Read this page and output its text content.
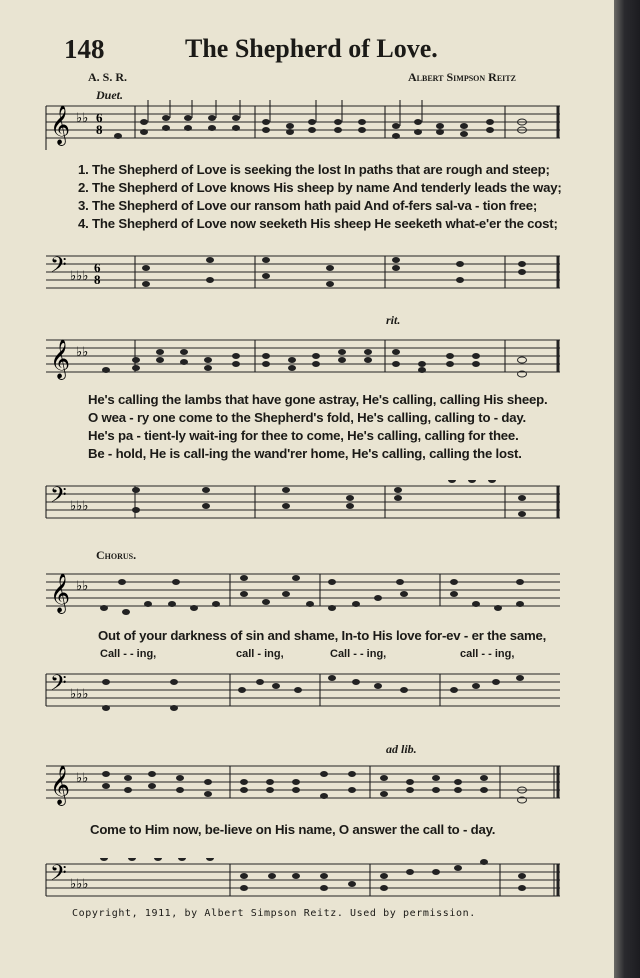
148	The Shepherd of Love.
A. S. R.	Albert Simpson Reitz
Duet.
𝄞 ♭♭ 6
8
1. The Shepherd of Love is seeking the lost In paths that are rough and steep;
2. The Shepherd of Love knows His sheep by name And tenderly leads the way;
3. The Shepherd of Love our ransom hath paid And of-fers sal-va - tion free;
4. The Shepherd of Love now seeketh His sheep He seeketh what-e'er the cost;
𝄢 ♭♭♭
6
8
rit.
𝄞 ♭♭
He's calling the lambs that have gone astray, He's calling, calling His sheep.
O wea - ry one come to the Shepherd's fold, He's calling, calling to - day.
He's pa - tient-ly wait-ing for thee to come, He's calling, calling for thee.
Be - hold, He is call-ing the wand'rer home, He's calling, calling the lost.
𝄢 ♭♭♭
Chorus.
𝄞 ♭♭
Out of your darkness of sin and shame, In-to His love for-ev - er the same,
Call - - ing,	call - ing,	Call - - ing,	call - - ing,
𝄢 ♭♭♭
ad lib.
𝄞 ♭♭
Come to Him now, be-lieve on His name, O answer the call to - day.
𝄢 ♭♭♭
Copyright, 1911, by Albert Simpson Reitz. Used by permission.
